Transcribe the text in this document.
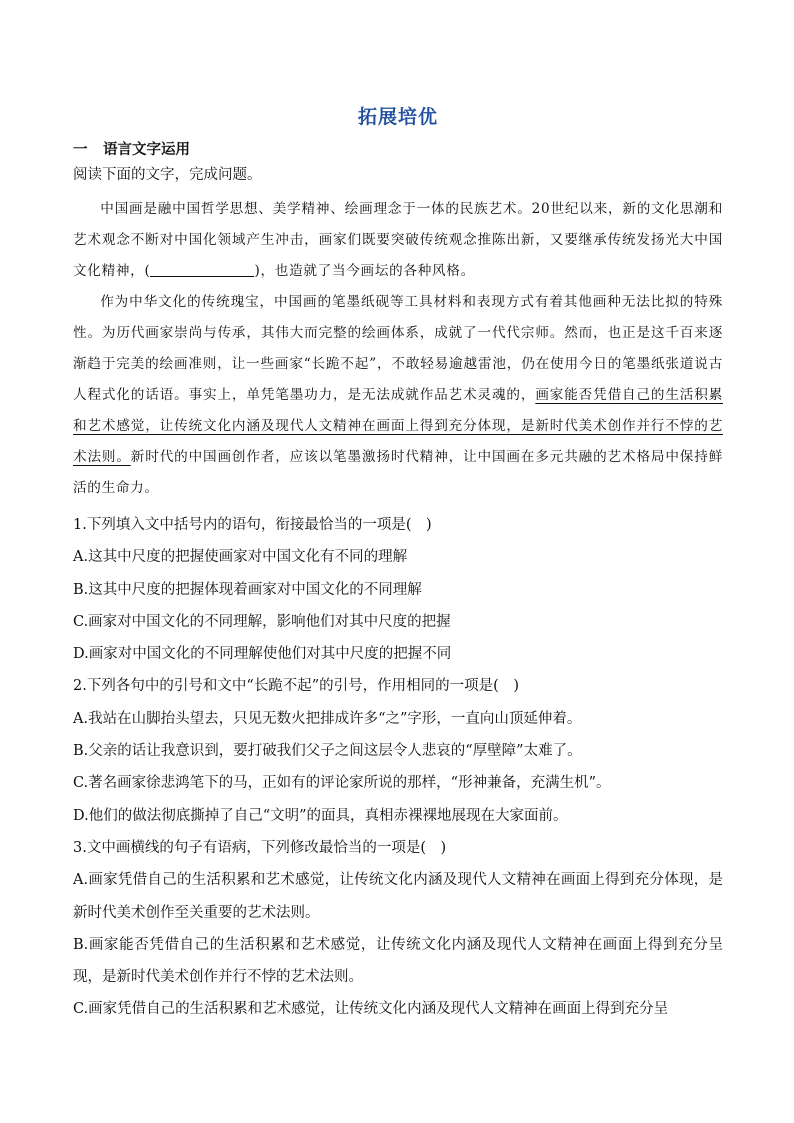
拓展培优
一 语言文字运用
阅读下面的文字，完成问题。

中国画是融中国哲学思想、美学精神、绘画理念于一体的民族艺术。20世纪以来，新的文化思潮和艺术观念不断对中国化领域产生冲击，画家们既要突破传统观念推陈出新，又要继承传统发扬光大中国文化精神，(	)，也造就了当今画坛的各种风格。

作为中华文化的传统瑰宝，中国画的笔墨纸砚等工具材料和表现方式有着其他画种无法比拟的特殊性。为历代画家崇尚与传承，其伟大而完整的绘画体系，成就了一代代宗师。然而，也正是这千百来逐渐趋于完美的绘画准则，让一些画家“长跪不起”，不敢轻易逾越雷池，仍在使用今日的笔墨纸张道说古人程式化的话语。事实上，单凭笔墨功力，是无法成就作品艺术灵魂的，画家能否凭借自己的生活积累和艺术感觉，让传统文化内涵及现代人文精神在画面上得到充分体现，是新时代美术创作并行不悖的艺术法则。新时代的中国画创作者，应该以笔墨激扬时代精神，让中国画在多元共融的艺术格局中保持鲜活的生命力。

1.下列填入文中括号内的语句，衔接最恰当的一项是(　)
A.这其中尺度的把握使画家对中国文化有不同的理解
B.这其中尺度的把握体现着画家对中国文化的不同理解
C.画家对中国文化的不同理解，影响他们对其中尺度的把握
D.画家对中国文化的不同理解使他们对其中尺度的把握不同
2.下列各句中的引号和文中“长跪不起”的引号，作用相同的一项是(　)
A.我站在山脚抬头望去，只见无数火把排成许多“之”字形，一直向山顶延伸着。
B.父亲的话让我意识到，要打破我们父子之间这层令人悲哀的“厚壁障”太难了。
C.著名画家徐悲鸿笔下的马，正如有的评论家所说的那样，“形神兼备，充满生机”。
D.他们的做法彻底撕掉了自己“文明”的面具，真相赤裸裸地展现在大家面前。
3.文中画横线的句子有语病，下列修改最恰当的一项是(　)
A.画家凭借自己的生活积累和艺术感觉，让传统文化内涵及现代人文精神在画面上得到充分体现，是新时代美术创作至关重要的艺术法则。
B.画家能否凭借自己的生活积累和艺术感觉，让传统文化内涵及现代人文精神在画面上得到充分呈现，是新时代美术创作并行不悖的艺术法则。
C.画家凭借自己的生活积累和艺术感觉，让传统文化内涵及现代人文精神在画面上得到充分呈
